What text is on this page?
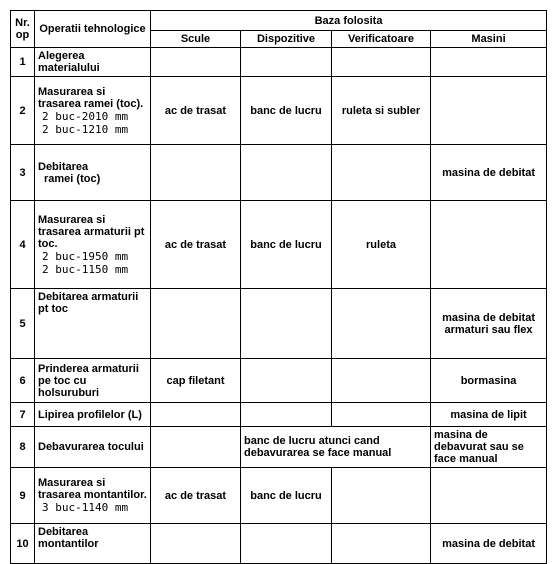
Nr. op	Operatii tehnologice	Baza folosita			
		Scule	Dispozitive	Verificatoare	Masini
1	Alegerea materialului				
2	Masurarea si trasarea ramei (toc).
2 buc-2010 mm
2 buc-1210 mm	ac de trasat	banc de lucru	ruleta si subler	
3	Debitarea
ramei (toc)				masina de debitat
4	Masurarea si trasarea armaturii pt toc.
2 buc-1950 mm
2 buc-1150 mm	ac de trasat	banc de lucru	ruleta	
5	Debitarea armaturii pt toc				masina de debitat armaturi sau flex
6	Prinderea armaturii pe toc cu holsuruburi	cap filetant			bormasina
7	Lipirea profilelor (L)				masina de lipit
8	Debavurarea tocului		banc de lucru atunci cand debavurarea se face manual		masina de debavurat sau se face manual
9	Masurarea si trasarea montantilor.
3 buc-1140 mm	ac de trasat	banc de lucru		
10	Debitarea
montantilor				masina de debitat
